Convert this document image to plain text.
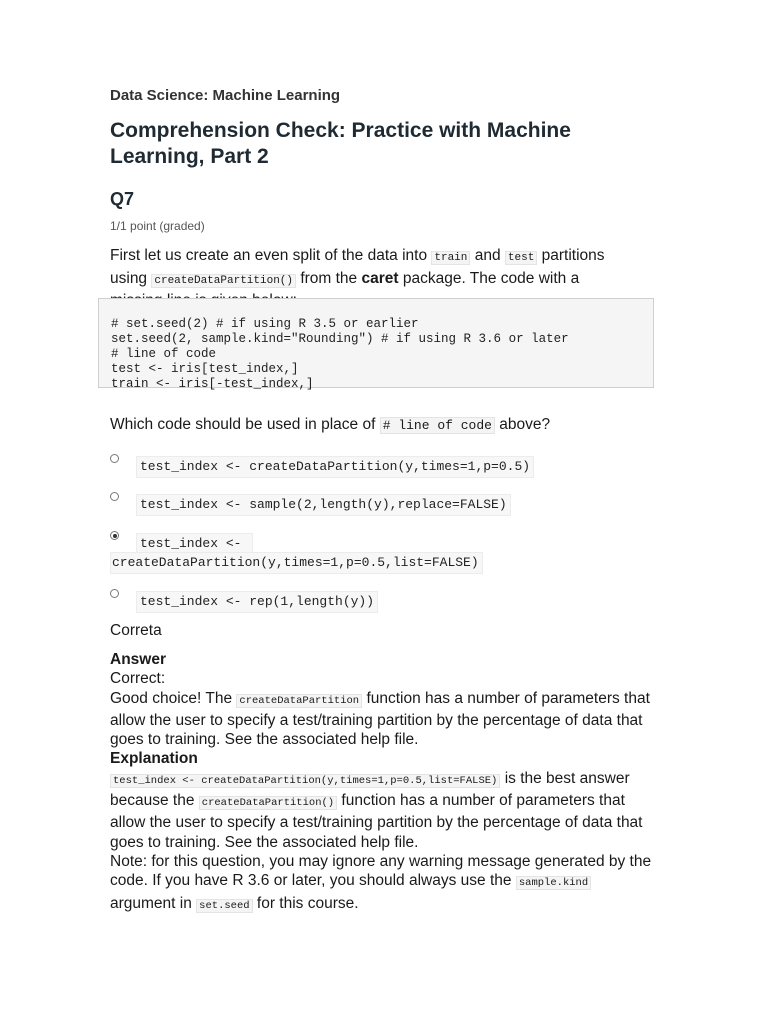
Data Science: Machine Learning
Comprehension Check: Practice with Machine Learning, Part 2
Q7
1/1 point (graded)
First let us create an even split of the data into train and test partitions using createDataPartition() from the caret package. The code with a
# set.seed(2) # if using R 3.5 or earlier
set.seed(2, sample.kind="Rounding") # if using R 3.6 or later
# line of code
test <- iris[test_index,]
train <- iris[-test_index,]
Which code should be used in place of # line of code above?
test_index <- createDataPartition(y,times=1,p=0.5)
test_index <- sample(2,length(y),replace=FALSE)
test_index <-
createDataPartition(y,times=1,p=0.5,list=FALSE)
test_index <- rep(1,length(y))
Correta
Answer
Correct:
Good choice! The createDataPartition function has a number of parameters that allow the user to specify a test/training partition by the percentage of data that goes to training. See the associated help file.
Explanation
test_index <- createDataPartition(y,times=1,p=0.5,list=FALSE) is the best answer because the createDataPartition() function has a number of parameters that allow the user to specify a test/training partition by the percentage of data that goes to training. See the associated help file.
Note: for this question, you may ignore any warning message generated by the code. If you have R 3.6 or later, you should always use the sample.kind argument in set.seed for this course.
